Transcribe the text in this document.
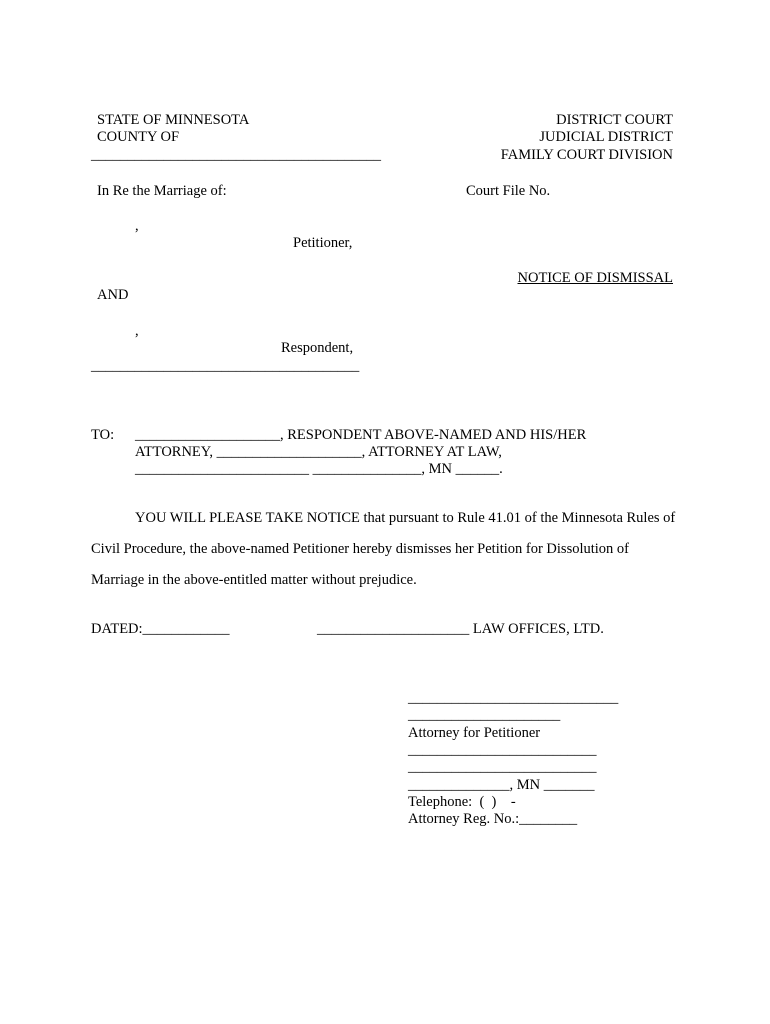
STATE OF MINNESOTA
COUNTY OF
________________________________________
DISTRICT COURT
JUDICIAL DISTRICT
FAMILY COURT DIVISION
In Re the Marriage of:	Court File No.
,
Petitioner,
NOTICE OF DISMISSAL
AND
,
Respondent,
_____________________________________
TO: ____________________, RESPONDENT ABOVE-NAMED AND HIS/HER
ATTORNEY, ____________________, ATTORNEY AT LAW,
________________________ _______________, MN ______.

YOU WILL PLEASE TAKE NOTICE that pursuant to Rule 41.01 of the Minnesota Rules of Civil Procedure, the above-named Petitioner hereby dismisses her Petition for Dissolution of Marriage in the above-entitled matter without prejudice.

DATED:____________	_____________________ LAW OFFICES, LTD.
_____________________________
_____________________
Attorney for Petitioner
__________________________
__________________________
______________, MN _______
Telephone:  (  )    -
Attorney Reg. No.:________
